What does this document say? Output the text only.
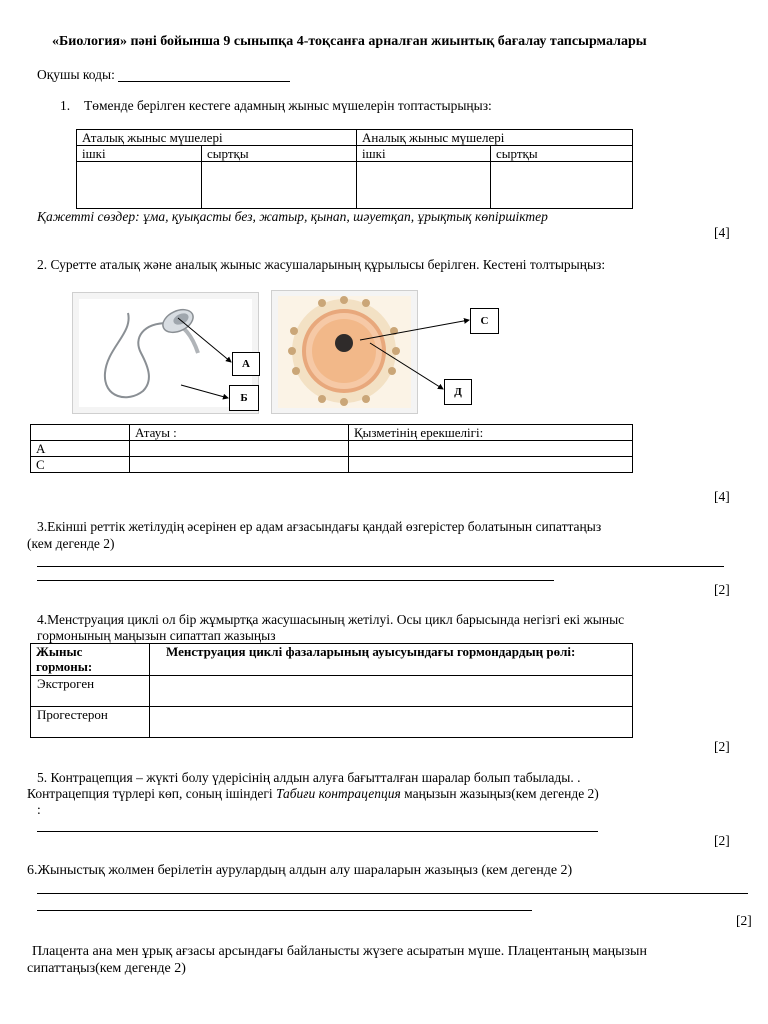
«Биология» пәні бойынша 9 сыныпқа 4-тоқсанға арналған жиынтық бағалау тапсырмалары
Оқушы коды:
1. Төменде берілген кестеге адамның жыныс мүшелерін топтастырыңыз:
Аталық жыныс мүшелері		Аналық жыныс мүшелері	
ішкі	сыртқы	ішкі	сыртқы

Қажетті сөздер: ұма, қуықасты без, жатыр, қынап, шәуетқап, ұрықтық көпіршіктер
[4]
2. Суретте аталық және аналық жыныс жасушаларының құрылысы берілген. Кестені толтырыңыз:
А
Б
С
Д
	Атауы :	Қызметінің ерекшелігі:
А		
С		
[4]
3.Екінші реттік жетілудің әсерінен ер адам ағзасындағы қандай өзгерістер болатынын сипаттаңыз
(кем дегенде 2)
[2]
4.Менструация циклі ол бір жұмыртқа жасушасының жетілуі. Осы цикл барысында негізгі екі жыныс
гормонының маңызын сипаттап жазыңыз
Жыныс
гормоны:	Менструация циклі фазаларының ауысуындағы гормондардың рөлі:
Экстроген	
Прогестерон	
[2]
5. Контрацепция – жүкті болу үдерісінің алдын алуға бағытталған шаралар болып табылады. .
Контрацепция түрлері көп, соның ішіндегі Табиғи контрацепция маңызын жазыңыз(кем дегенде 2)
:
[2]
6.Жыныстық жолмен берілетін аурулардың алдын алу шараларын жазыңыз (кем дегенде 2)
[2]
Плацента ана мен ұрық ағзасы арсындағы байланысты жүзеге асыратын мүше. Плацентаның маңызын
сипаттаңыз(кем дегенде 2)
